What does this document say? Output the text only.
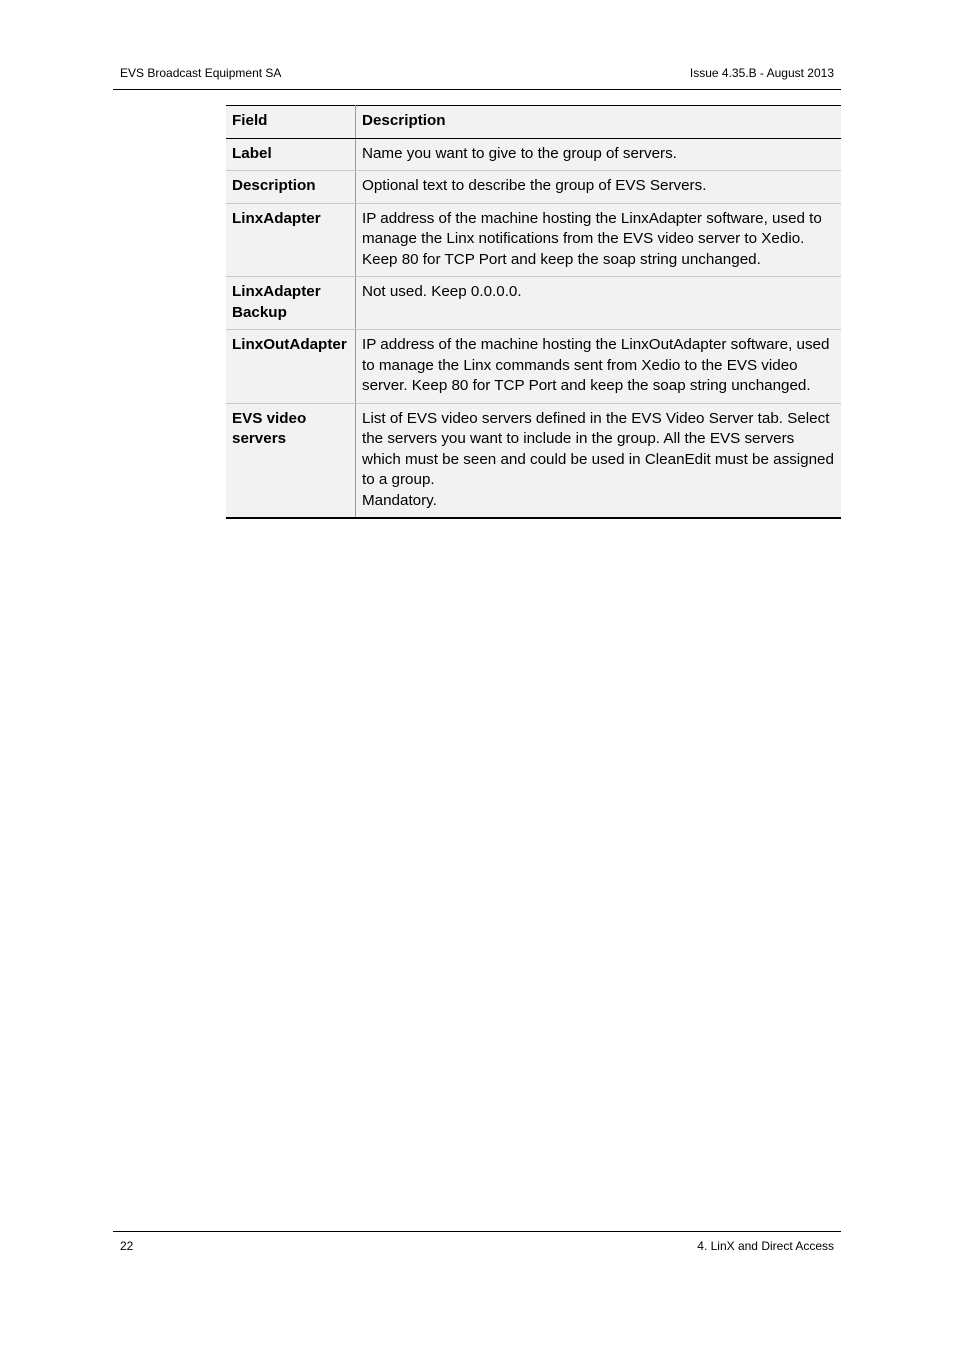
EVS Broadcast Equipment SA	Issue 4.35.B - August 2013
Field	Description
Label	Name you want to give to the group of servers.
Description	Optional text to describe the group of EVS Servers.
LinxAdapter	IP address of the machine hosting the LinxAdapter software, used to manage the Linx notifications from the EVS video server to Xedio. Keep 80 for TCP Port and keep the soap string unchanged.

LinxAdapter Backup	Not used. Keep 0.0.0.0.
LinxOutAdapter	IP address of the machine hosting the LinxOutAdapter software, used to manage the Linx commands sent from Xedio to the EVS video server. Keep 80 for TCP Port and keep the soap string unchanged.

EVS video servers	List of EVS video servers defined in the EVS Video Server tab. Select the servers you want to include in the group. All the EVS servers which must be seen and could be used in CleanEdit must be assigned to a group.
Mandatory.
22	4. LinX and Direct Access
